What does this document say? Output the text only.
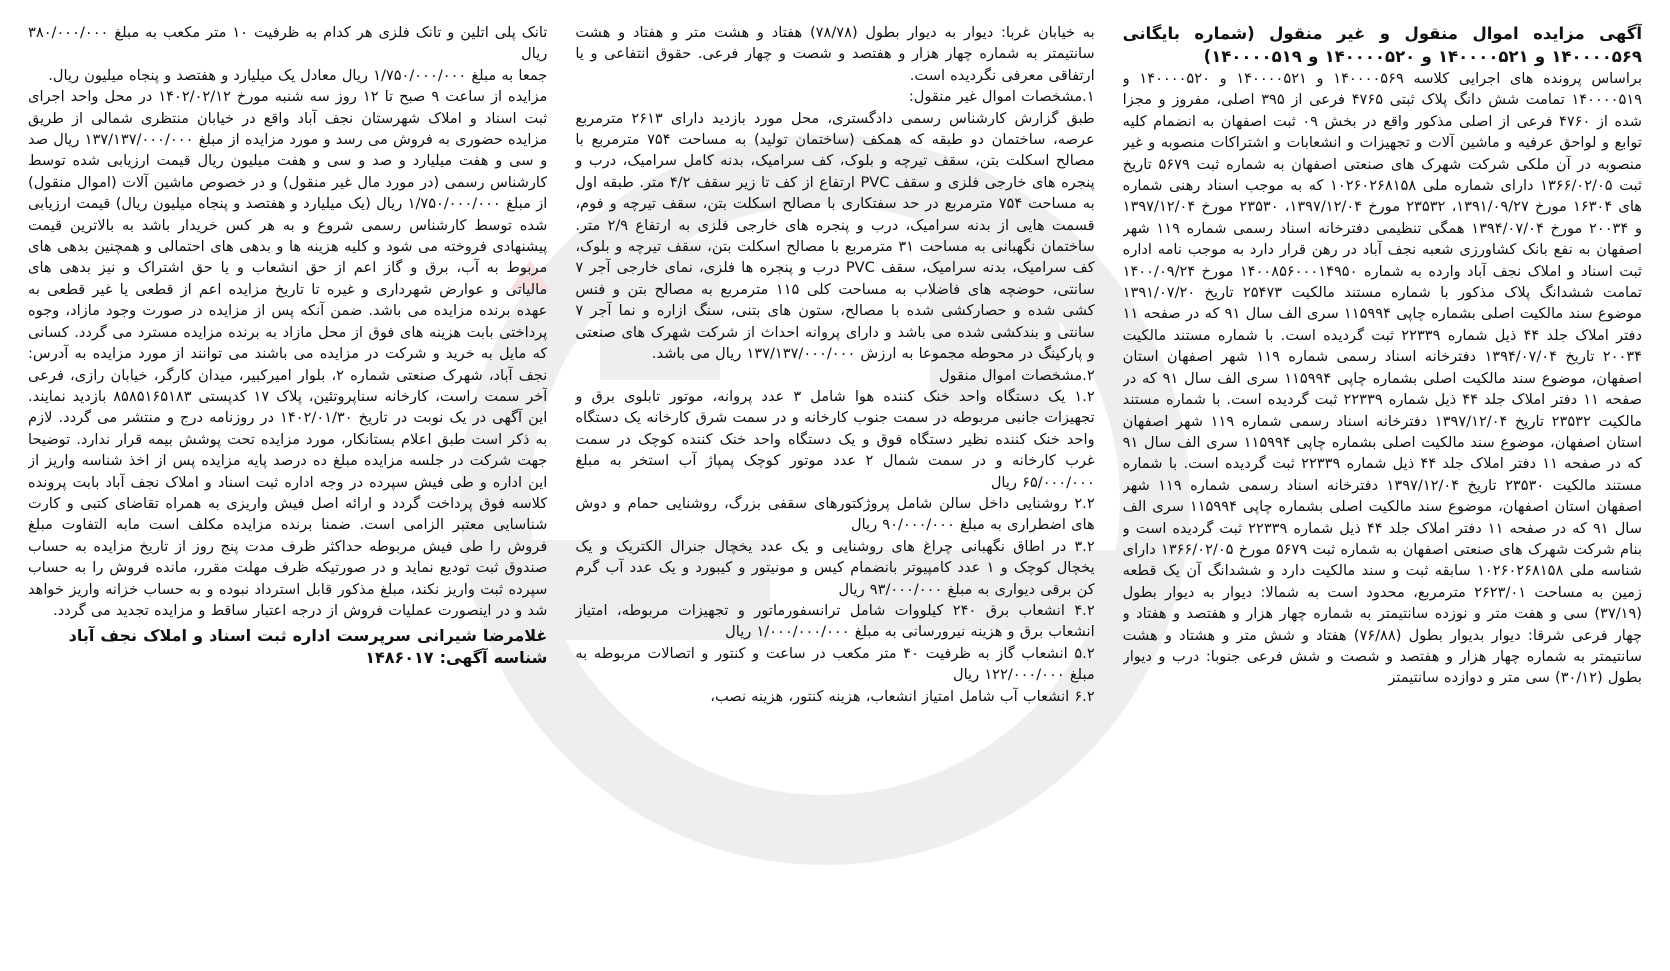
آگهی مزایده اموال منقول و غیر منقول (شماره بایگانی ۱۴۰۰۰۰۵۶۹ و ۱۴۰۰۰۰۵۲۱ و ۱۴۰۰۰۰۵۲۰ و ۱۴۰۰۰۰۵۱۹)

براساس پرونده های اجرایی کلاسه ۱۴۰۰۰۰۵۶۹ و ۱۴۰۰۰۰۵۲۱ و ۱۴۰۰۰۰۵۲۰ و ۱۴۰۰۰۰۵۱۹ تمامت شش دانگ پلاک ثبتی ۴۷۶۵ فرعی از ۳۹۵ اصلی، مفروز و مجزا شده از ۴۷۶۰ فرعی از اصلی مذکور واقع در بخش ۰۹ ثبت اصفهان به انضمام کلیه توابع و لواحق عرفیه و ماشین آلات و تجهیزات و انشعابات و اشتراکات منصوبه و غیر منصوبه در آن ملکی شرکت شهرک های صنعتی اصفهان به شماره ثبت ۵۶۷۹ تاریخ ثبت ۱۳۶۶/۰۲/۰۵ دارای شماره ملی ۱۰۲۶۰۲۶۸۱۵۸ که به موجب اسناد رهنی شماره های ۱۶۳۰۴ مورخ ۱۳۹۱/۰۹/۲۷، ۲۳۵۳۲ مورخ ۱۳۹۷/۱۲/۰۴، ۲۳۵۳۰ مورخ ۱۳۹۷/۱۲/۰۴ و ۲۰۰۳۴ مورخ ۱۳۹۴/۰۷/۰۴ همگی تنظیمی دفترخانه اسناد رسمی شماره ۱۱۹ شهر اصفهان به نفع بانک کشاورزی شعبه نجف آباد در رهن قرار دارد به موجب نامه اداره ثبت اسناد و املاک نجف آباد وارده به شماره ۱۴۰۰۸۵۶۰۰۰۱۴۹۵۰ مورخ ۱۴۰۰/۰۹/۲۴ تمامت ششدانگ پلاک مذکور با شماره مستند مالکیت ۲۵۴۷۳ تاریخ ۱۳۹۱/۰۷/۲۰ موضوع سند مالکیت اصلی بشماره چاپی ۱۱۵۹۹۴ سری الف سال ۹۱ که در صفحه ۱۱ دفتر املاک جلد ۴۴ ذیل شماره ۲۲۳۳۹ ثبت گردیده است. با شماره مستند مالکیت ۲۰۰۳۴ تاریخ ۱۳۹۴/۰۷/۰۴ دفترخانه اسناد رسمی شماره ۱۱۹ شهر اصفهان استان اصفهان، موضوع سند مالکیت اصلی بشماره چاپی ۱۱۵۹۹۴ سری الف سال ۹۱ که در صفحه ۱۱ دفتر املاک جلد ۴۴ ذیل شماره ۲۲۳۳۹ ثبت گردیده است. با شماره مستند مالکیت ۲۳۵۳۲ تاریخ ۱۳۹۷/۱۲/۰۴ دفترخانه اسناد رسمی شماره ۱۱۹ شهر اصفهان استان اصفهان، موضوع سند مالکیت اصلی بشماره چاپی ۱۱۵۹۹۴ سری الف سال ۹۱ که در صفحه ۱۱ دفتر املاک جلد ۴۴ ذیل شماره ۲۲۳۳۹ ثبت گردیده است. با شماره مستند مالکیت ۲۳۵۳۰ تاریخ ۱۳۹۷/۱۲/۰۴ دفترخانه اسناد رسمی شماره ۱۱۹ شهر اصفهان استان اصفهان، موضوع سند مالکیت اصلی بشماره چاپی ۱۱۵۹۹۴ سری الف سال ۹۱ که در صفحه ۱۱ دفتر املاک جلد ۴۴ ذیل شماره ۲۲۳۳۹ ثبت گردیده است و بنام شرکت شهرک های صنعتی اصفهان به شماره ثبت ۵۶۷۹ مورخ ۱۳۶۶/۰۲/۰۵ دارای شناسه ملی ۱۰۲۶۰۲۶۸۱۵۸ سابقه ثبت و سند مالکیت دارد و ششدانگ آن یک قطعه زمین به مساحت ۲۶۲۳/۰۱ مترمربع، محدود است به شمالا: دیوار به دیوار بطول (۳۷/۱۹) سی و هفت متر و نوزده سانتیمتر به شماره چهار هزار و هفتصد و هفتاد و چهار فرعی شرقا: دیوار بدیوار بطول (۷۶/۸۸) هفتاد و شش متر و هشتاد و هشت سانتیمتر به شماره چهار هزار و هفتصد و شصت و شش فرعی جنوبا: درب و دیوار بطول (۳۰/۱۲) سی متر و دوازده سانتیمتر

به خیابان غربا: دیوار به دیوار بطول (۷۸/۷۸) هفتاد و هشت متر و هفتاد و هشت سانتیمتر به شماره چهار هزار و هفتصد و شصت و چهار فرعی. حقوق انتفاعی و یا ارتفاقی معرفی نگردیده است.
۱.مشخصات اموال غیر منقول:
طبق گزارش کارشناس رسمی دادگستری، محل مورد بازدید دارای ۲۶۱۳ مترمربع عرصه، ساختمان دو طبقه که همکف (ساختمان تولید) به مساحت ۷۵۴ مترمربع با مصالح اسکلت بتن، سقف تیرچه و بلوک، کف سرامیک، بدنه کامل سرامیک، درب و پنجره های خارجی فلزی و سقف PVC ارتفاع از کف تا زیر سقف ۴/۲ متر. طبقه اول به مساحت ۷۵۴ مترمربع در حد سفتکاری با مصالح اسکلت بتن، سقف تیرچه و فوم، قسمت هایی از بدنه سرامیک، درب و پنجره های خارجی فلزی به ارتفاع ۲/۹ متر. ساختمان نگهبانی به مساحت ۳۱ مترمربع با مصالح اسکلت بتن، سقف تیرچه و بلوک، کف سرامیک، بدنه سرامیک، سقف PVC درب و پنجره ها فلزی، نمای خارجی آجر ۷ سانتی، حوضچه های فاضلاب به مساحت کلی ۱۱۵ مترمربع به مصالح بتن و فنس کشی شده و حصارکشی شده با مصالح، ستون های بتنی، سنگ ازاره و نما آجر ۷ سانتی و بندکشی شده می باشد و دارای پروانه احداث از شرکت شهرک های صنعتی و پارکینگ در محوطه مجموعا به ارزش ۱۳۷/۱۳۷/۰۰۰/۰۰۰ ریال می باشد.
۲.مشخصات اموال منقول
۱.۲ یک دستگاه واحد خنک کننده هوا شامل ۳ عدد پروانه، موتور تابلوی برق و تجهیزات جانبی مربوطه در سمت جنوب کارخانه و در سمت شرق کارخانه یک دستگاه واحد خنک کننده نظیر دستگاه فوق و یک دستگاه واحد خنک کننده کوچک در سمت غرب کارخانه و در سمت شمال ۲ عدد موتور کوچک پمپاژ آب استخر به مبلغ ۶۵/۰۰۰/۰۰۰ ریال
۲.۲ روشنایی داخل سالن شامل پروژکتورهای سقفی بزرگ، روشنایی حمام و دوش های اضطراری به مبلغ ۹۰/۰۰۰/۰۰۰ ریال
۳.۲ در اطاق نگهبانی چراغ های روشنایی و یک عدد یخچال جنرال الکتریک و یک یخچال کوچک و ۱ عدد کامپیوتر بانضمام کیس و مونیتور و کیبورد و یک عدد آب گرم کن برقی دیواری به مبلغ ۹۳/۰۰۰/۰۰۰ ریال
۴.۲ انشعاب برق ۲۴۰ کیلووات شامل ترانسفورماتور و تجهیزات مربوطه، امتیاز انشعاب برق و هزینه نیرورسانی به مبلغ ۱/۰۰۰/۰۰۰/۰۰۰ ریال
۵.۲ انشعاب گاز به ظرفیت ۴۰ متر مکعب در ساعت و کنتور و اتصالات مربوطه به مبلغ ۱۲۲/۰۰۰/۰۰۰ ریال
۶.۲ انشعاب آب شامل امتیاز انشعاب، هزینه کنتور، هزینه نصب،

تانک پلی اتلین و تانک فلزی هر کدام به ظرفیت ۱۰ متر مکعب به مبلغ ۳۸۰/۰۰۰/۰۰۰ ریال
جمعا به مبلغ ۱/۷۵۰/۰۰۰/۰۰۰ ریال معادل یک میلیارد و هفتصد و پنجاه میلیون ریال.
مزایده از ساعت ۹ صبح تا ۱۲ روز سه شنبه مورخ ۱۴۰۲/۰۲/۱۲ در محل واحد اجرای ثبت اسناد و املاک شهرستان نجف آباد واقع در خیابان منتظری شمالی از طریق مزایده حضوری به فروش می رسد و مورد مزایده از مبلغ ۱۳۷/۱۳۷/۰۰۰/۰۰۰ ریال صد و سی و هفت میلیارد و صد و سی و هفت میلیون ریال قیمت ارزیابی شده توسط کارشناس رسمی (در مورد مال غیر منقول) و در خصوص ماشین آلات (اموال منقول) از مبلغ ۱/۷۵۰/۰۰۰/۰۰۰ ریال (یک میلیارد و هفتصد و پنجاه میلیون ریال) قیمت ارزیابی شده توسط کارشناس رسمی شروع و به هر کس خریدار باشد به بالاترین قیمت پیشنهادی فروخته می شود و کلیه هزینه ها و بدهی های احتمالی و همچنین بدهی های مربوط به آب، برق و گاز اعم از حق انشعاب و یا حق اشتراک و نیز بدهی های مالیاتی و عوارض شهرداری و غیره تا تاریخ مزایده اعم از قطعی یا غیر قطعی به عهده برنده مزایده می باشد. ضمن آنکه پس از مزایده در صورت وجود مازاد، وجوه پرداختی بابت هزینه های فوق از محل مازاد به برنده مزایده مسترد می گردد. کسانی که مایل به خرید و شرکت در مزایده می باشند می توانند از مورد مزایده به آدرس: نجف آباد، شهرک صنعتی شماره ۲، بلوار امیرکبیر، میدان کارگر، خیابان رازی، فرعی آخر سمت راست، کارخانه سناپروتئین، پلاک ۱۷ کدپستی ۸۵۸۵۱۶۵۱۸۳ بازدید نمایند. این آگهی در یک نوبت در تاریخ ۱۴۰۲/۰۱/۳۰ در روزنامه درج و منتشر می گردد. لازم به ذکر است طبق اعلام بستانکار، مورد مزایده تحت پوشش بیمه قرار ندارد. توضیحا جهت شرکت در جلسه مزایده مبلغ ده درصد پایه مزایده پس از اخذ شناسه واریز از این اداره و طی فیش سپرده در وجه اداره ثبت اسناد و املاک نجف آباد بابت پرونده کلاسه فوق پرداخت گردد و ارائه اصل فیش واریزی به همراه تقاضای کتبی و کارت شناسایی معتبر الزامی است. ضمنا برنده مزایده مکلف است مابه التفاوت مبلغ فروش را طی فیش مربوطه حداکثر ظرف مدت پنج روز از تاریخ مزایده به حساب صندوق ثبت تودیع نماید و در صورتیکه ظرف مهلت مقرر، مانده فروش را به حساب سپرده ثبت واریز نکند، مبلغ مذکور قابل استرداد نبوده و به حساب خزانه واریز خواهد شد و در اینصورت عملیات فروش از درجه اعتبار ساقط و مزایده تجدید می گردد.

غلامرضا شیرانی سرپرست اداره ثبت اسناد و املاک نجف آباد
شناسه آگهی: ۱۴۸۶۰۱۷
